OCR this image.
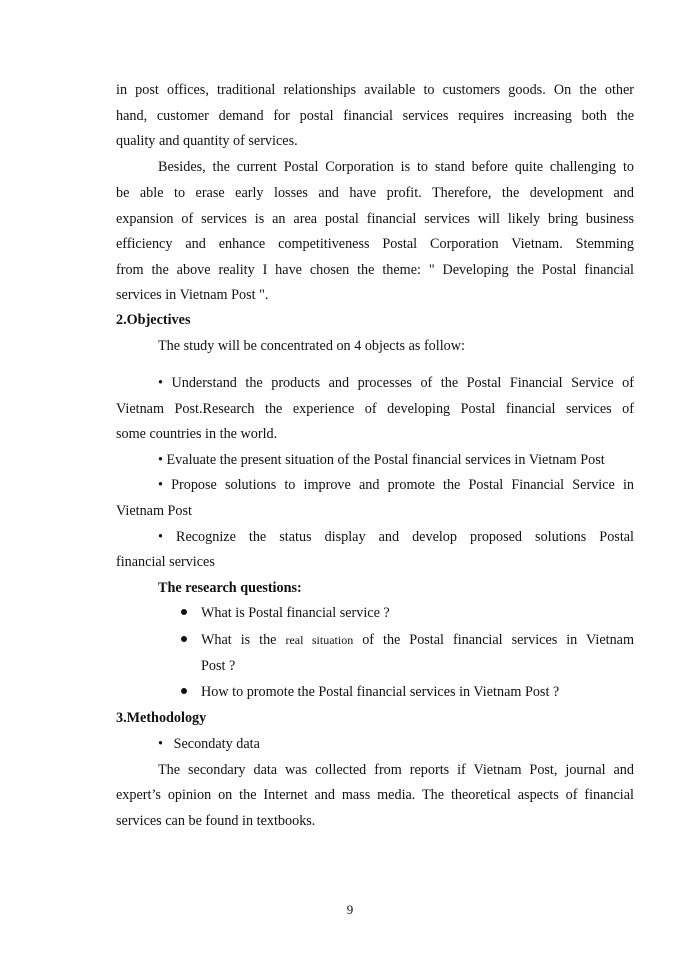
in post offices, traditional relationships available to customers goods. On the other
hand, customer demand for postal financial services requires increasing both the
quality and quantity of services.
Besides, the current Postal Corporation is to stand before quite challenging to
be able to erase early losses and have profit. Therefore, the development and
expansion of services is an area postal financial services will likely bring business
efficiency and enhance competitiveness Postal Corporation Vietnam. Stemming
from the above reality I have chosen the theme: " Developing the Postal financial
services in Vietnam Post ".
2.Objectives
The study will be concentrated on 4 objects as follow:
• Understand the products and processes of the Postal Financial Service of
Vietnam Post.Research the experience of developing Postal financial services of
some countries in the world.
• Evaluate the present situation of the Postal financial services in Vietnam Post
• Propose solutions to improve and promote the Postal Financial Service in
Vietnam Post
• Recognize the status display and develop proposed solutions Postal
financial services
The research questions:
What is Postal financial service ?
What is the real situation of the Postal financial services in Vietnam
Post ?
How to promote the Postal financial services in Vietnam Post ?
3.Methodology
•   Secondaty data
The secondary data was collected from reports if Vietnam Post, journal and
expert’s opinion on the Internet and mass media. The theoretical aspects of financial
services can be found in textbooks.
9
